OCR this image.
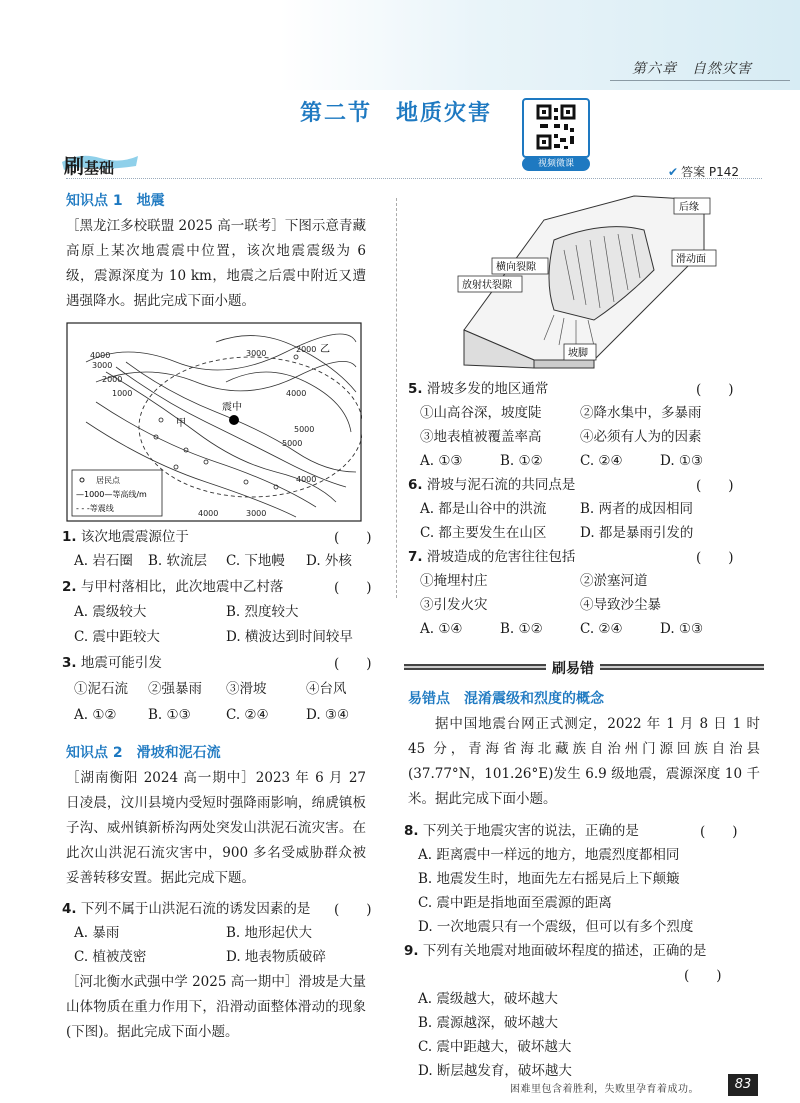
第六章　自然灾害
第二节　地质灾害
视频微课
刷基础	✔ 答案 P142
知识点 1　地震
［黑龙江多校联盟 2025 高一联考］下图示意青藏高原上某次地震震中位置，该次地震震级为 6 级，震源深度为 10 km，地震之后震中附近又遭遇强降水。据此完成下面小题。
震中
甲
乙
4000
3000
2000
1000
2000
4000
5000
5000
3000
4000
4000	3000
居民点
—1000—等高线/m
- - -等震线
1. 该次地震震源位于	(　　)
A. 岩石圈 B. 软流层 C. 下地幔 D. 外核
2. 与甲村落相比，此次地震中乙村落	(　　)
A. 震级较大	B. 烈度较大
C. 震中距较大	D. 横波达到时间较早
3. 地震可能引发	(　　)
①泥石流 ②强暴雨 ③滑坡	④台风
A. ①② B. ①③	C. ②④	D. ③④
知识点 2　滑坡和泥石流
［湖南衡阳 2024 高一期中］2023 年 6 月 27 日凌晨，汶川县境内受短时强降雨影响，绵虒镇板子沟、威州镇新桥沟两处突发山洪泥石流灾害。在此次山洪泥石流灾害中，900 多名受威胁群众被妥善转移安置。据此完成下题。
4. 下列不属于山洪泥石流的诱发因素的是 (　　)
A. 暴雨	B. 地形起伏大
C. 植被茂密	D. 地表物质破碎
［河北衡水武强中学 2025 高一期中］滑坡是大量山体物质在重力作用下，沿滑动面整体滑动的现象(下图)。据此完成下面小题。
后缘
横向裂隙
滑动面
放射状裂隙
坡脚
5. 滑坡多发的地区通常	(　　)
①山高谷深，坡度陡	②降水集中，多暴雨
③地表植被覆盖率高	④必须有人为的因素
A. ①③	B. ①②	C. ②④	D. ①③
6. 滑坡与泥石流的共同点是	(　　)
A. 都是山谷中的洪流 B. 两者的成因相同
C. 都主要发生在山区 D. 都是暴雨引发的
7. 滑坡造成的危害往往包括	(　　)
①掩埋村庄	②淤塞河道
③引发火灾	④导致沙尘暴
A. ①④	B. ①②	C. ②④	D. ①③
刷易错
易错点　混淆震级和烈度的概念
据中国地震台网正式测定，2022 年 1 月 8 日 1 时 45 分，青海省海北藏族自治州门源回族自治县(37.77°N，101.26°E)发生 6.9 级地震，震源深度 10 千米。据此完成下面小题。
8. 下列关于地震灾害的说法，正确的是	(　　)
A. 距离震中一样远的地方，地震烈度都相同
B. 地震发生时，地面先左右摇晃后上下颠簸
C. 震中距是指地面至震源的距离
D. 一次地震只有一个震级，但可以有多个烈度
9. 下列有关地震对地面破坏程度的描述，正确的是
(　　)
A. 震级越大，破坏越大
B. 震源越深，破坏越大
C. 震中距越大，破坏越大
D. 断层越发育，破坏越大
困难里包含着胜利，失败里孕育着成功。	83
